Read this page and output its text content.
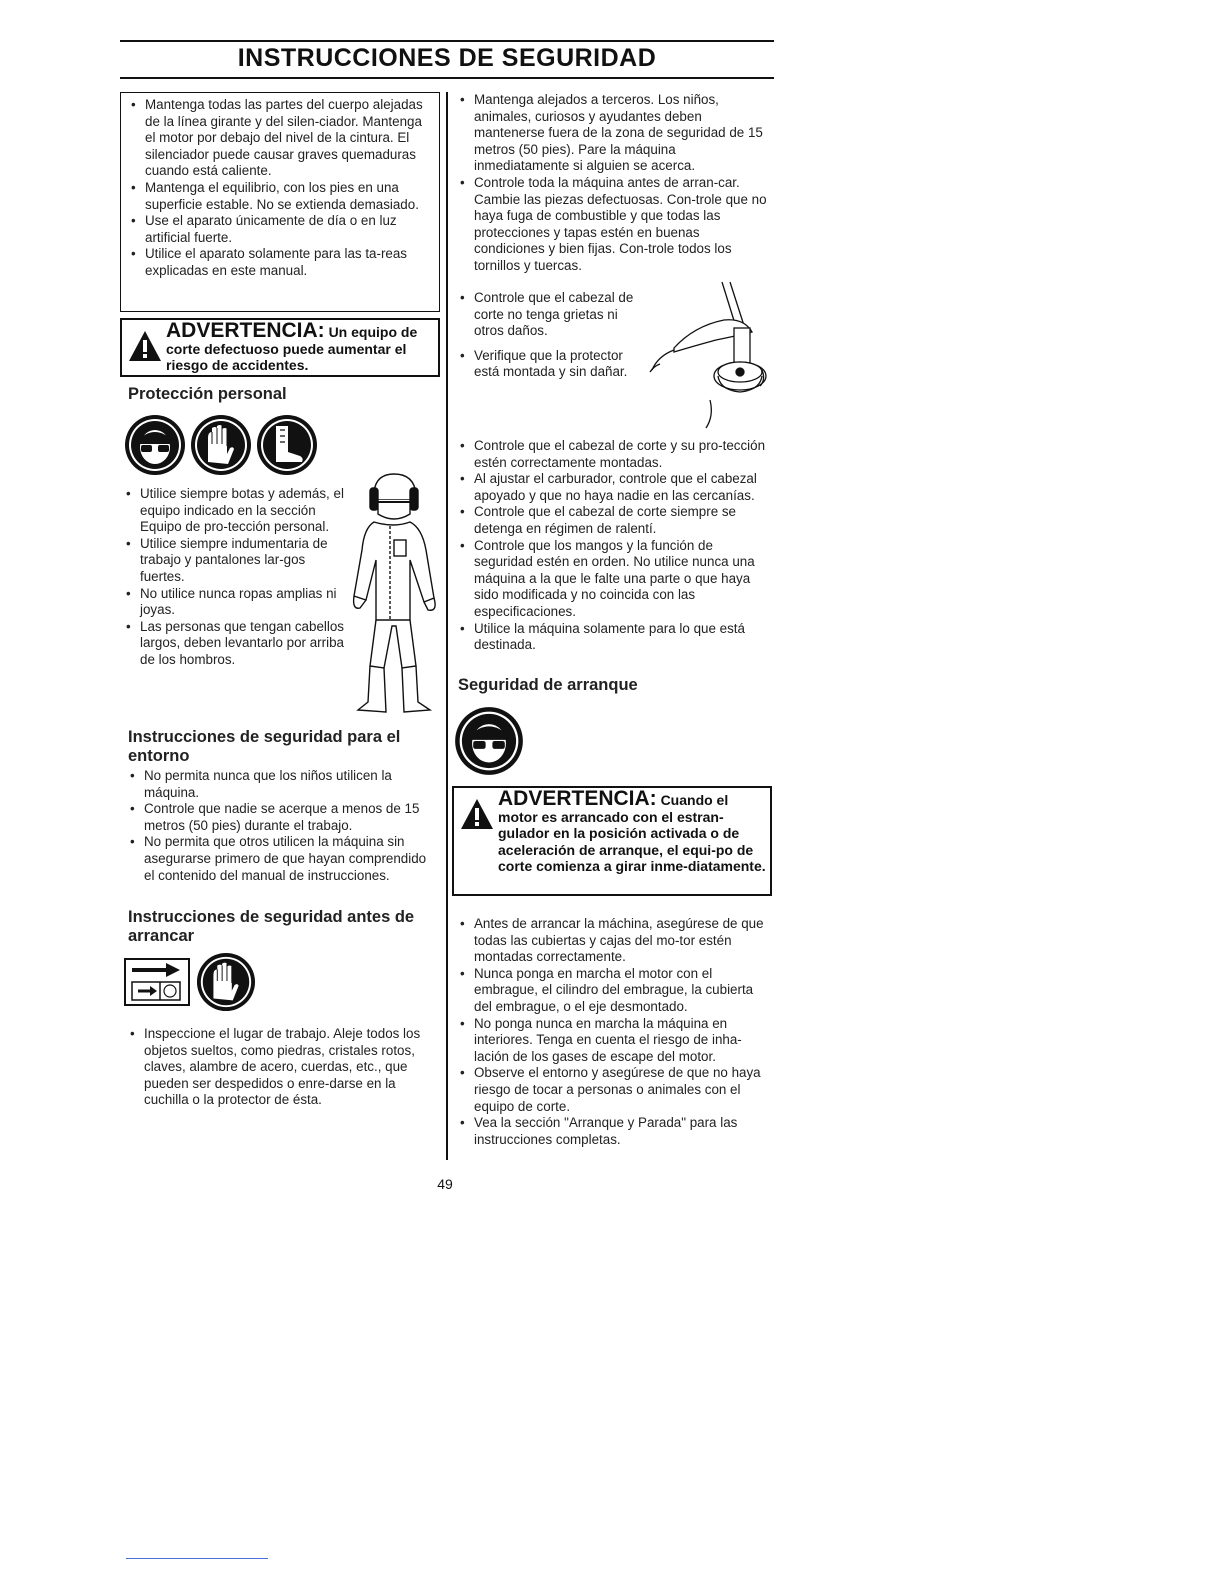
INSTRUCCIONES DE SEGURIDAD
• Mantenga todas las partes del cuerpo alejadas de la línea girante y del silen-ciador. Mantenga el motor por debajo del nivel de la cintura. El silenciador puede causar graves quemaduras cuando está caliente.
• Mantenga el equilibrio, con los pies en una superficie estable. No se extienda demasiado.
• Use el aparato únicamente de día o en luz artificial fuerte.
• Utilice el aparato solamente para las ta-reas explicadas en este manual.
ADVERTENCIA: Un equipo de
corte defectuoso puede aumentar el riesgo de accidentes.
Protección personal
• Utilice siempre botas y además, el equipo indicado en la sección Equipo de pro-tección personal.
• Utilice siempre indumentaria de trabajo y pantalones lar-gos fuertes.
• No utilice nunca ropas amplias ni joyas.
• Las personas que tengan cabellos largos, deben levantarlo por arriba de los hombros.
Instrucciones de seguridad para el entorno
• No permita nunca que los niños utilicen la máquina.
• Controle que nadie se acerque a menos de 15 metros (50 pies) durante el trabajo.
• No permita que otros utilicen la máquina sin asegurarse primero de que hayan comprendido el contenido del manual de instrucciones.
Instrucciones de seguridad antes de arrancar
• Inspeccione el lugar de trabajo. Aleje todos los objetos sueltos, como piedras, cristales rotos, claves, alambre de acero, cuerdas, etc., que pueden ser despedidos o enre-darse en la cuchilla o la protector de ésta.
• Mantenga alejados a terceros. Los niños, animales, curiosos y ayudantes deben mantenerse fuera de la zona de seguridad de 15 metros (50 pies). Pare la máquina inmediatamente si alguien se acerca.
• Controle toda la máquina antes de arran-car. Cambie las piezas defectuosas. Con-trole que no haya fuga de combustible y que todas las protecciones y tapas estén en buenas condiciones y bien fijas. Con-trole todos los tornillos y tuercas.
• Controle que el cabezal de corte no tenga grietas ni otros daños.
• Verifique que la protector está montada y sin dañar.
• Controle que el cabezal de corte y su pro-tección estén correctamente montadas.
• Al ajustar el carburador, controle que el cabezal apoyado y que no haya nadie en las cercanías.
• Controle que el cabezal de corte siempre se detenga en régimen de ralentí.
• Controle que los mangos y la función de seguridad estén en orden. No utilice nunca una máquina a la que le falte una parte o que haya sido modificada y no coincida con las especificaciones.
• Utilice la máquina solamente para lo que está destinada.
Seguridad de arranque
ADVERTENCIA: Cuando el
motor es arrancado con el estran-gulador en la posición activada o de aceleración de arranque, el equi-po de corte comienza a girar inme-diatamente.
• Antes de arrancar la máchina, asegúrese de que todas las cubiertas y cajas del mo-tor estén montadas correctamente.
• Nunca ponga en marcha el motor con el embrague, el cilindro del embrague, la cubierta del embrague, o el eje desmontado.
• No ponga nunca en marcha la máquina en interiores. Tenga en cuenta el riesgo de inha-lación de los gases de escape del motor.
• Observe el entorno y asegúrese de que no haya riesgo de tocar a personas o animales con el equipo de corte.
• Vea la sección "Arranque y Parada" para las instrucciones completas.
49
